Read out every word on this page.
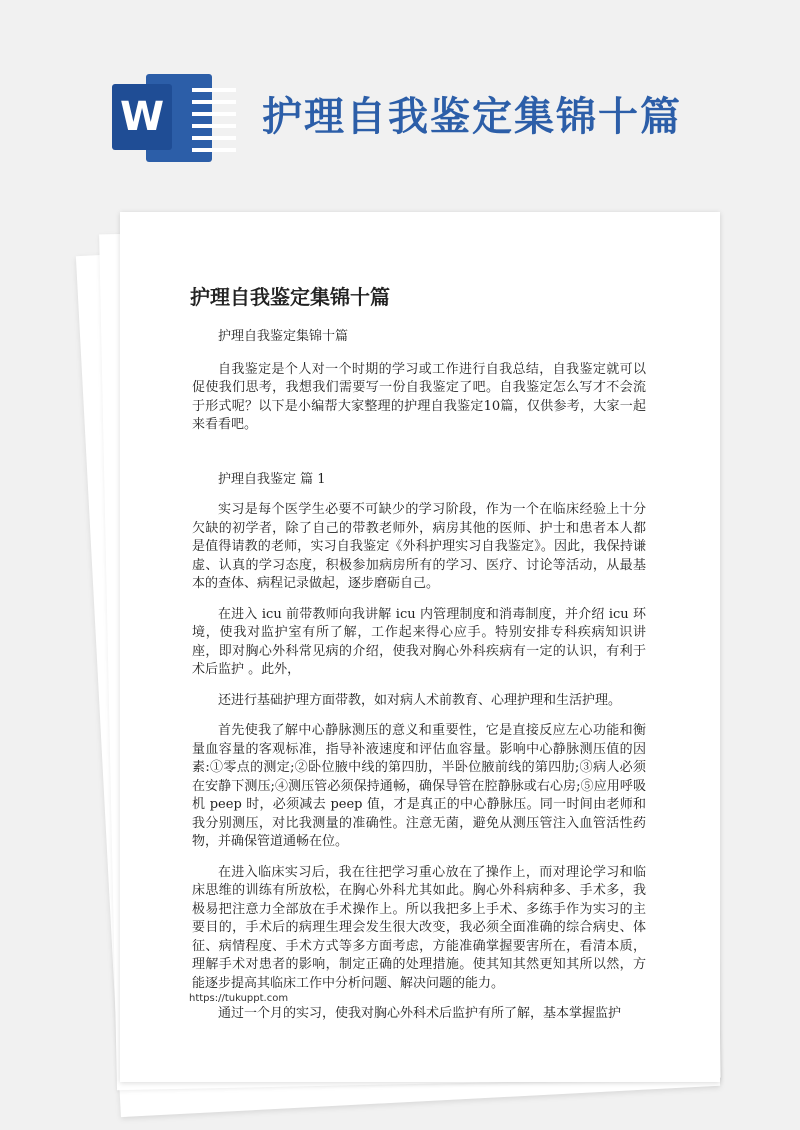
W 护理自我鉴定集锦十篇
护理自我鉴定集锦十篇

护理自我鉴定集锦十篇

自我鉴定是个人对一个时期的学习或工作进行自我总结，自我鉴定就可以促使我们思考，我想我们需要写一份自我鉴定了吧。自我鉴定怎么写才不会流于形式呢？以下是小编帮大家整理的护理自我鉴定10篇，仅供参考，大家一起来看看吧。

护理自我鉴定 篇 1

实习是每个医学生必要不可缺少的学习阶段，作为一个在临床经验上十分欠缺的初学者，除了自己的带教老师外，病房其他的医师、护士和患者本人都是值得请教的老师，实习自我鉴定《外科护理实习自我鉴定》。因此，我保持谦虚、认真的学习态度，积极参加病房所有的学习、医疗、讨论等活动，从最基本的查体、病程记录做起，逐步磨砺自己。

在进入 icu 前带教师向我讲解 icu 内管理制度和消毒制度，并介绍 icu 环境，使我对监护室有所了解，工作起来得心应手。特别安排专科疾病知识讲座，即对胸心外科常见病的介绍，使我对胸心外科疾病有一定的认识，有利于术后监护 。此外，

还进行基础护理方面带教，如对病人术前教育、心理护理和生活护理。

首先使我了解中心静脉测压的意义和重要性，它是直接反应左心功能和衡量血容量的客观标准，指导补液速度和评估血容量。影响中心静脉测压值的因素:①零点的测定;②卧位腋中线的第四肋，半卧位腋前线的第四肋;③病人必须在安静下测压;④测压管必须保持通畅，确保导管在腔静脉或右心房;⑤应用呼吸机 peep 时，必须减去 peep 值，才是真正的中心静脉压。同一时间由老师和我分别测压，对比我测量的准确性。注意无菌，避免从测压管注入血管活性药物，并确保管道通畅在位。

在进入临床实习后，我在往把学习重心放在了操作上，而对理论学习和临床思维的训练有所放松，在胸心外科尤其如此。胸心外科病种多、手术多，我极易把注意力全部放在手术操作上。所以我把多上手术、多练手作为实习的主要目的，手术后的病理生理会发生很大改变，我必须全面准确的综合病史、体征、病情程度、手术方式等多方面考虑，方能准确掌握要害所在，看清本质，理解手术对患者的影响，制定正确的处理措施。使其知其然更知其所以然，方能逐步提高其临床工作中分析问题、解决问题的能力。

通过一个月的实习，使我对胸心外科术后监护有所了解，基本掌握监护

https://tukuppt.com
